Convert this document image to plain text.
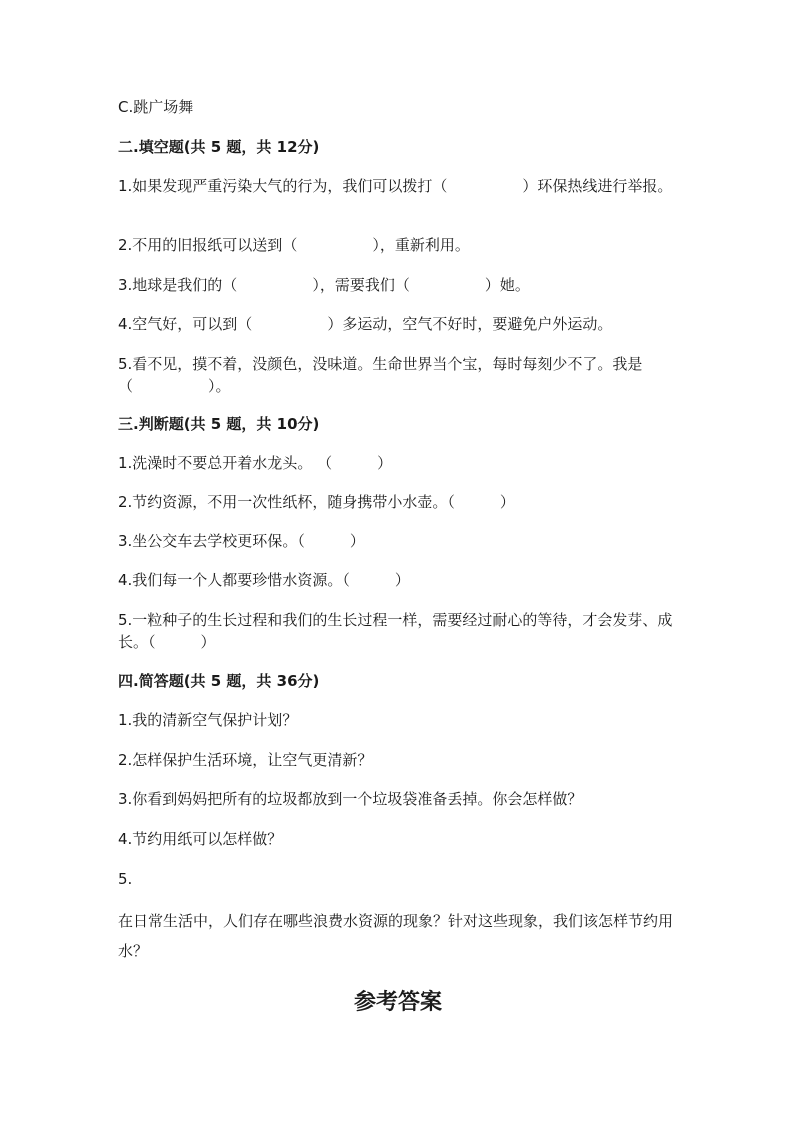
C.跳广场舞
二.填空题(共 5 题，共 12分)
1.如果发现严重污染大气的行为，我们可以拨打（　　　　　）环保热线进行举报。
2.不用的旧报纸可以送到（　　　　　），重新利用。
3.地球是我们的（　　　　　），需要我们（　　　　　）她。
4.空气好，可以到（　　　　　）多运动，空气不好时，要避免户外运动。
5.看不见，摸不着，没颜色，没味道。生命世界当个宝，每时每刻少不了。我是（　　　　　）。
三.判断题(共 5 题，共 10分)
1.洗澡时不要总开着水龙头。 （　　　）
2.节约资源，不用一次性纸杯，随身携带小水壶。（　　　）
3.坐公交车去学校更环保。（　　　）
4.我们每一个人都要珍惜水资源。（　　　）
5.一粒种子的生长过程和我们的生长过程一样，需要经过耐心的等待，才会发芽、成长。（　　　）
四.简答题(共 5 题，共 36分)
1.我的清新空气保护计划？
2.怎样保护生活环境，让空气更清新？
3.你看到妈妈把所有的垃圾都放到一个垃圾袋准备丢掉。你会怎样做？
4.节约用纸可以怎样做？
5.
在日常生活中，人们存在哪些浪费水资源的现象？针对这些现象，我们该怎样节约用水？
参考答案
